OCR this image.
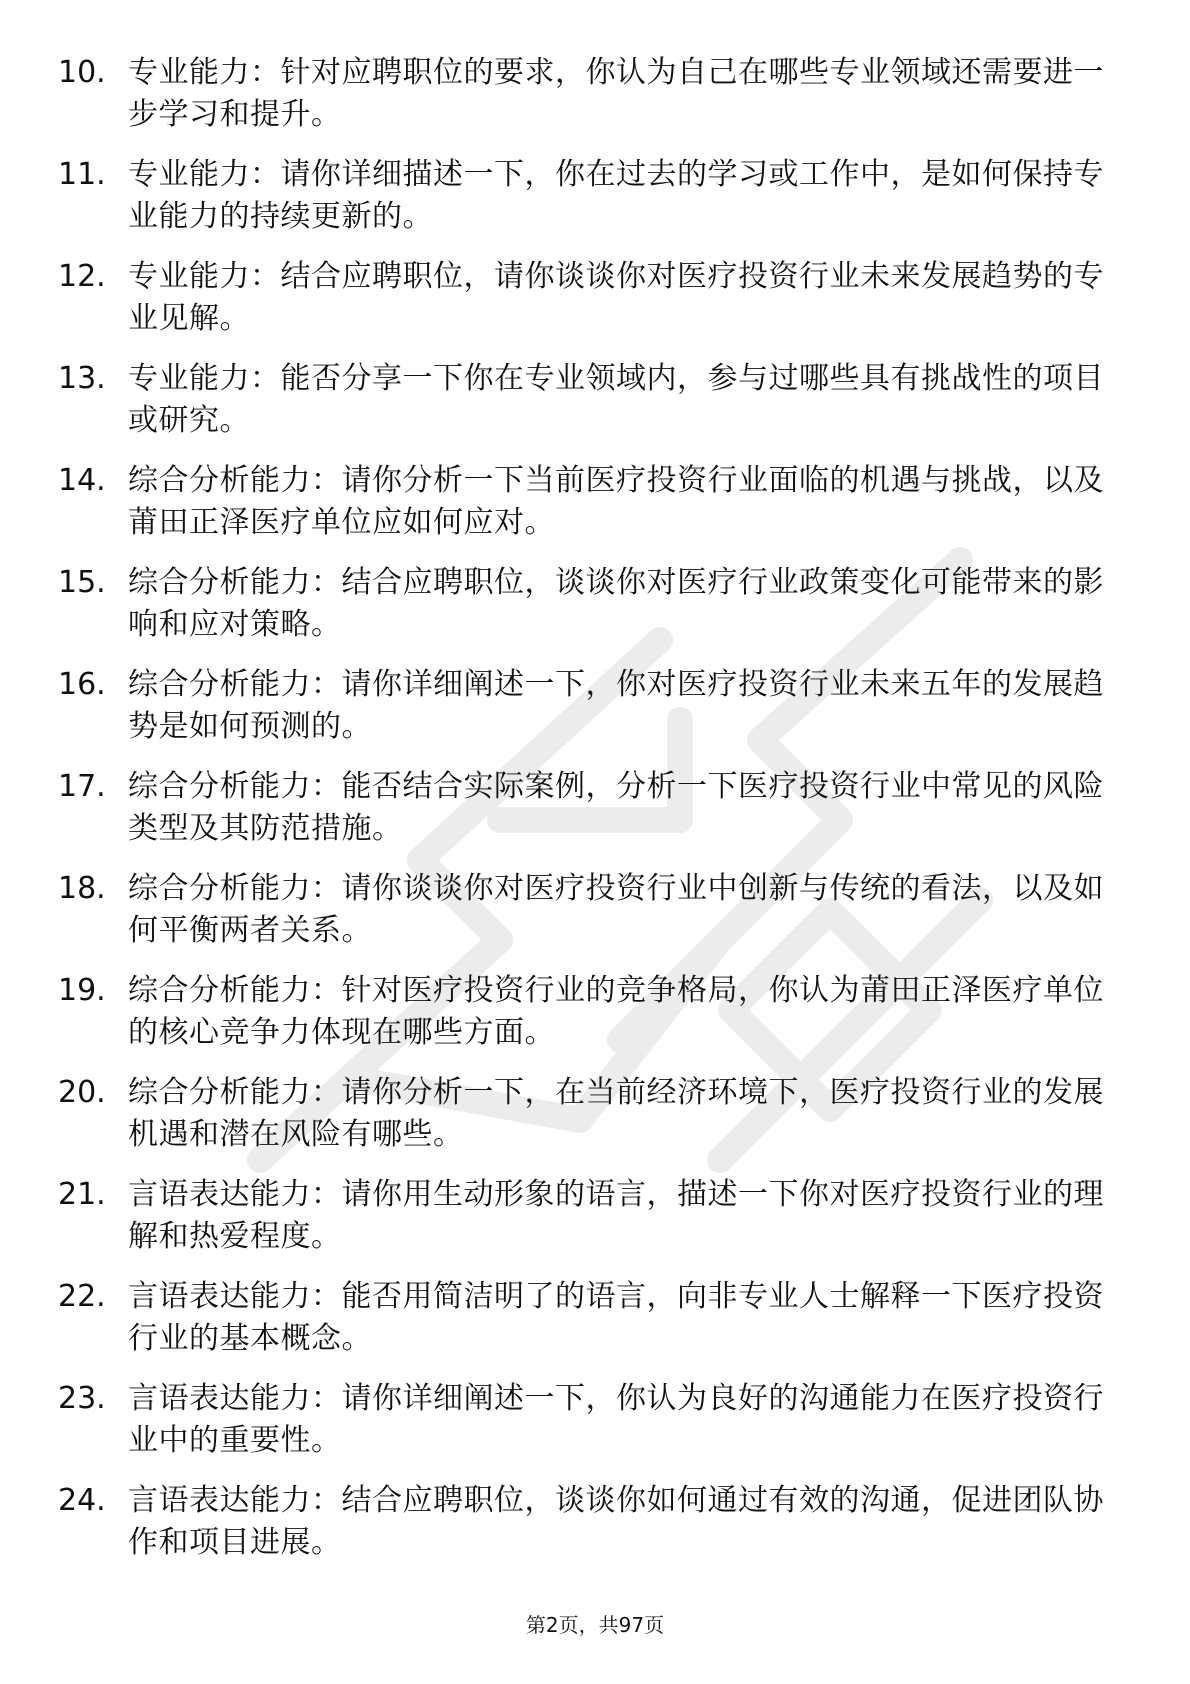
10. 专业能力：针对应聘职位的要求，你认为自己在哪些专业领域还需要进一步学习和提升。
11. 专业能力：请你详细描述一下，你在过去的学习或工作中，是如何保持专业能力的持续更新的。
12. 专业能力：结合应聘职位，请你谈谈你对医疗投资行业未来发展趋势的专业见解。
13. 专业能力：能否分享一下你在专业领域内，参与过哪些具有挑战性的项目或研究。
14. 综合分析能力：请你分析一下当前医疗投资行业面临的机遇与挑战，以及莆田正泽医疗单位应如何应对。
15. 综合分析能力：结合应聘职位，谈谈你对医疗行业政策变化可能带来的影响和应对策略。
16. 综合分析能力：请你详细阐述一下，你对医疗投资行业未来五年的发展趋势是如何预测的。
17. 综合分析能力：能否结合实际案例，分析一下医疗投资行业中常见的风险类型及其防范措施。
18. 综合分析能力：请你谈谈你对医疗投资行业中创新与传统的看法，以及如何平衡两者关系。
19. 综合分析能力：针对医疗投资行业的竞争格局，你认为莆田正泽医疗单位的核心竞争力体现在哪些方面。
20. 综合分析能力：请你分析一下，在当前经济环境下，医疗投资行业的发展机遇和潜在风险有哪些。
21. 言语表达能力：请你用生动形象的语言，描述一下你对医疗投资行业的理解和热爱程度。
22. 言语表达能力：能否用简洁明了的语言，向非专业人士解释一下医疗投资行业的基本概念。
23. 言语表达能力：请你详细阐述一下，你认为良好的沟通能力在医疗投资行业中的重要性。
24. 言语表达能力：结合应聘职位，谈谈你如何通过有效的沟通，促进团队协作和项目进展。
第2页，共97页
